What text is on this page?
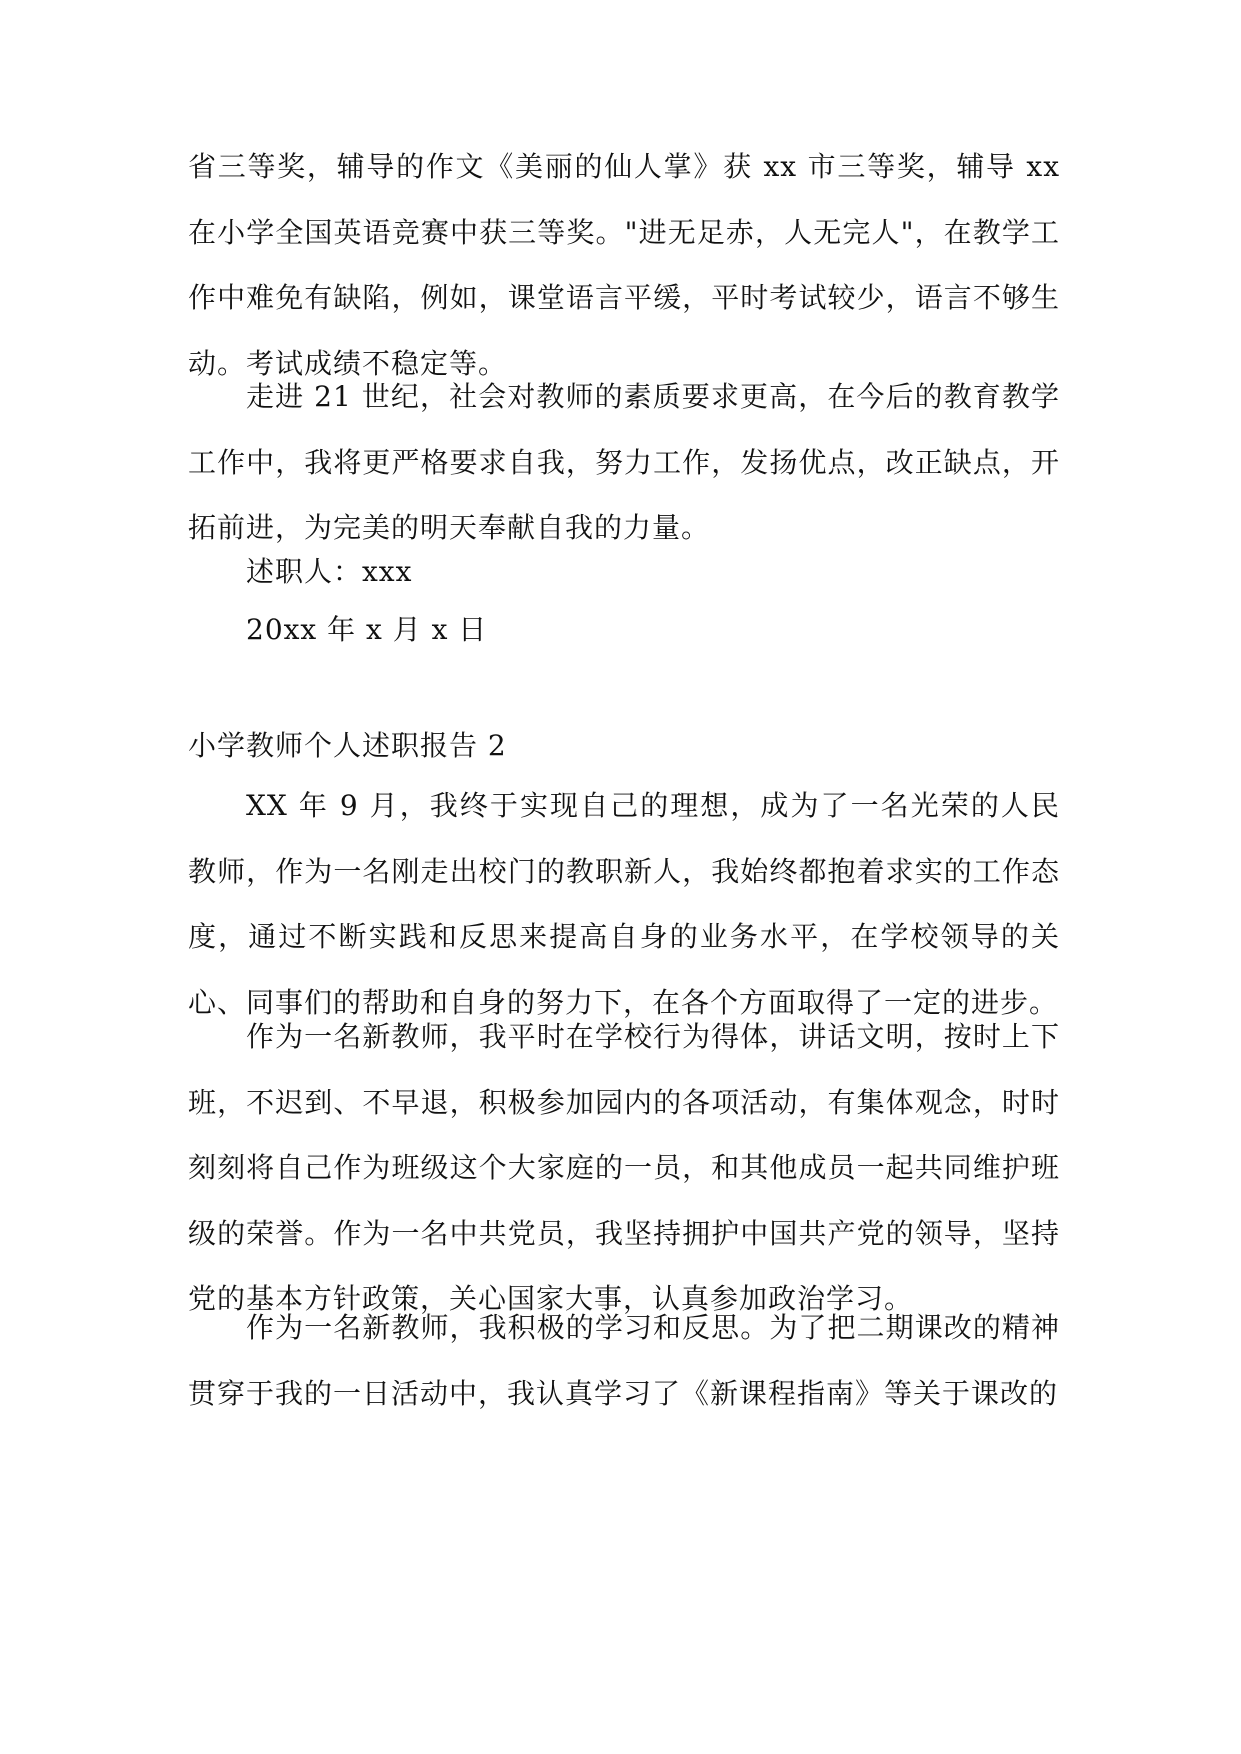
省三等奖，辅导的作文《美丽的仙人掌》获 xx 市三等奖，辅导 xx 在小学全国英语竞赛中获三等奖。"进无足赤，人无完人"，在教学工作中难免有缺陷，例如，课堂语言平缓，平时考试较少，语言不够生动。考试成绩不稳定等。

走进 21 世纪，社会对教师的素质要求更高，在今后的教育教学工作中，我将更严格要求自我，努力工作，发扬优点，改正缺点，开拓前进，为完美的明天奉献自我的力量。

述职人：xxx

20xx 年 x 月 x 日

小学教师个人述职报告 2

XX 年 9 月，我终于实现自己的理想，成为了一名光荣的人民教师，作为一名刚走出校门的教职新人，我始终都抱着求实的工作态度，通过不断实践和反思来提高自身的业务水平，在学校领导的关心、同事们的帮助和自身的努力下，在各个方面取得了一定的进步。

作为一名新教师，我平时在学校行为得体，讲话文明，按时上下班，不迟到、不早退，积极参加园内的各项活动，有集体观念，时时刻刻将自己作为班级这个大家庭的一员，和其他成员一起共同维护班级的荣誉。作为一名中共党员，我坚持拥护中国共产党的领导，坚持党的基本方针政策，关心国家大事，认真参加政治学习。

作为一名新教师，我积极的学习和反思。为了把二期课改的精神贯穿于我的一日活动中，我认真学习了《新课程指南》等关于课改的
